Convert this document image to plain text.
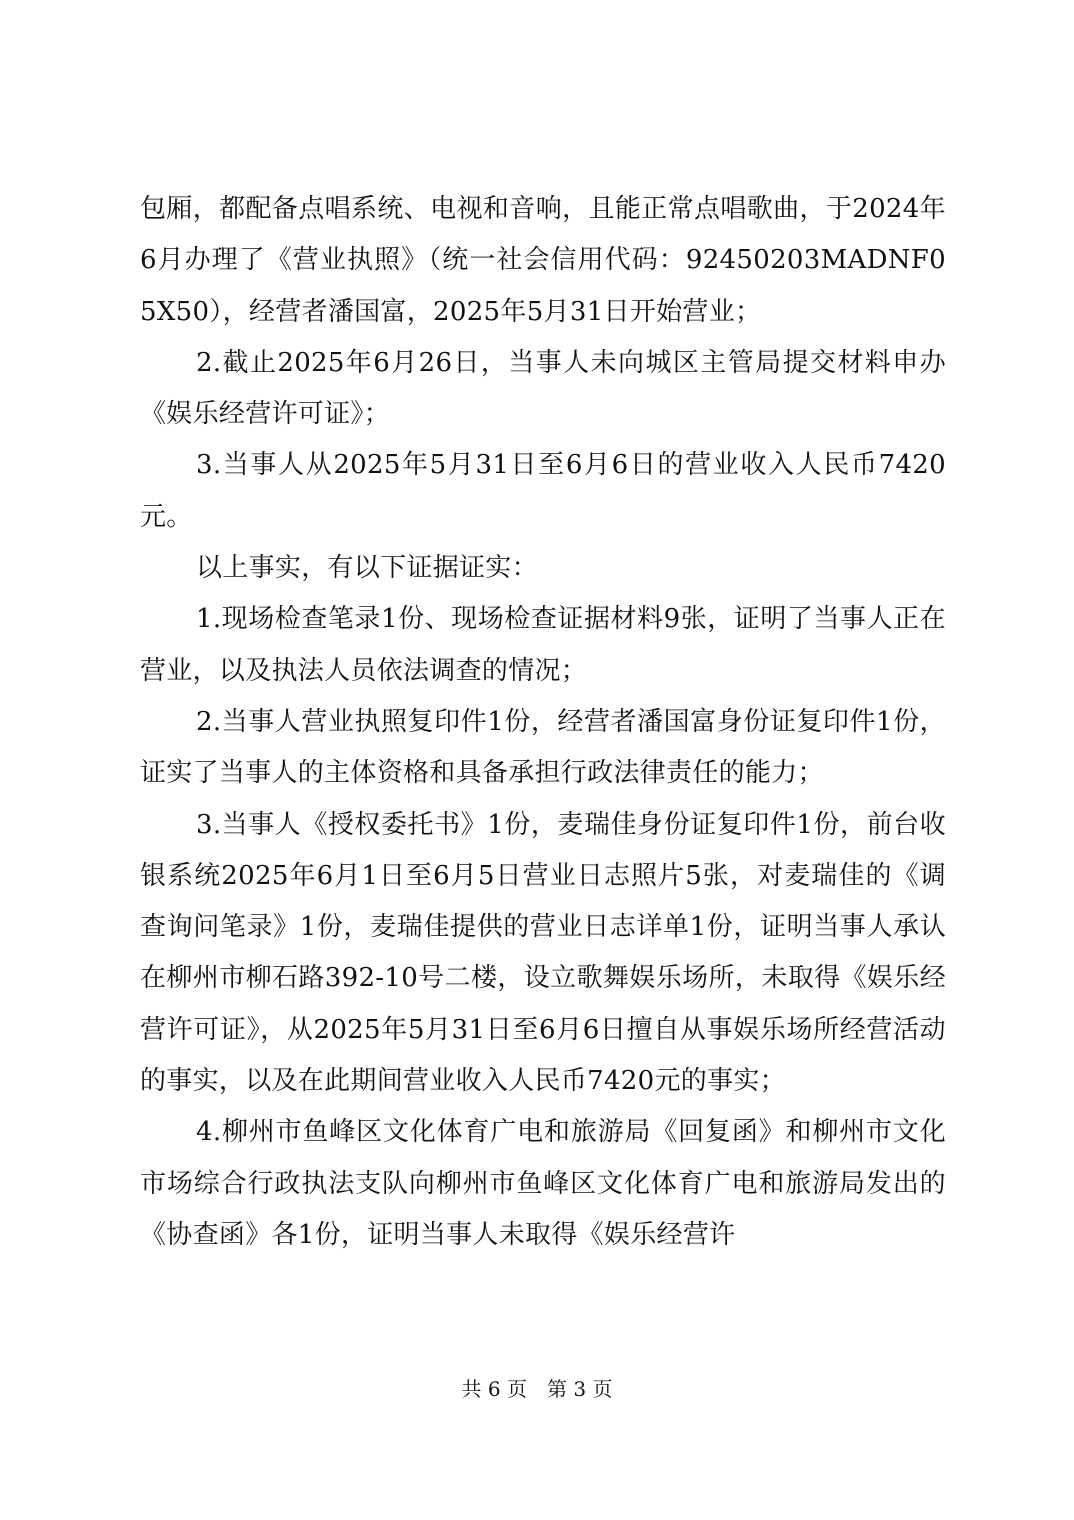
包厢，都配备点唱系统、电视和音响，且能正常点唱歌曲，于2024年6月办理了《营业执照》（统一社会信用代码：92450203MADNF05X50），经营者潘国富，2025年5月31日开始营业；

2.截止2025年6月26日，当事人未向城区主管局提交材料申办《娱乐经营许可证》；

3.当事人从2025年5月31日至6月6日的营业收入人民币7420元。

以上事实，有以下证据证实：

1.现场检查笔录1份、现场检查证据材料9张，证明了当事人正在营业，以及执法人员依法调查的情况；

2.当事人营业执照复印件1份，经营者潘国富身份证复印件1份，证实了当事人的主体资格和具备承担行政法律责任的能力；

3.当事人《授权委托书》1份，麦瑞佳身份证复印件1份，前台收银系统2025年6月1日至6月5日营业日志照片5张，对麦瑞佳的《调查询问笔录》1份，麦瑞佳提供的营业日志详单1份，证明当事人承认在柳州市柳石路392-10号二楼，设立歌舞娱乐场所，未取得《娱乐经营许可证》，从2025年5月31日至6月6日擅自从事娱乐场所经营活动的事实，以及在此期间营业收入人民币7420元的事实；

4.柳州市鱼峰区文化体育广电和旅游局《回复函》和柳州市文化市场综合行政执法支队向柳州市鱼峰区文化体育广电和旅游局发出的《协查函》各1份，证明当事人未取得《娱乐经营许

共 6 页 第 3 页
